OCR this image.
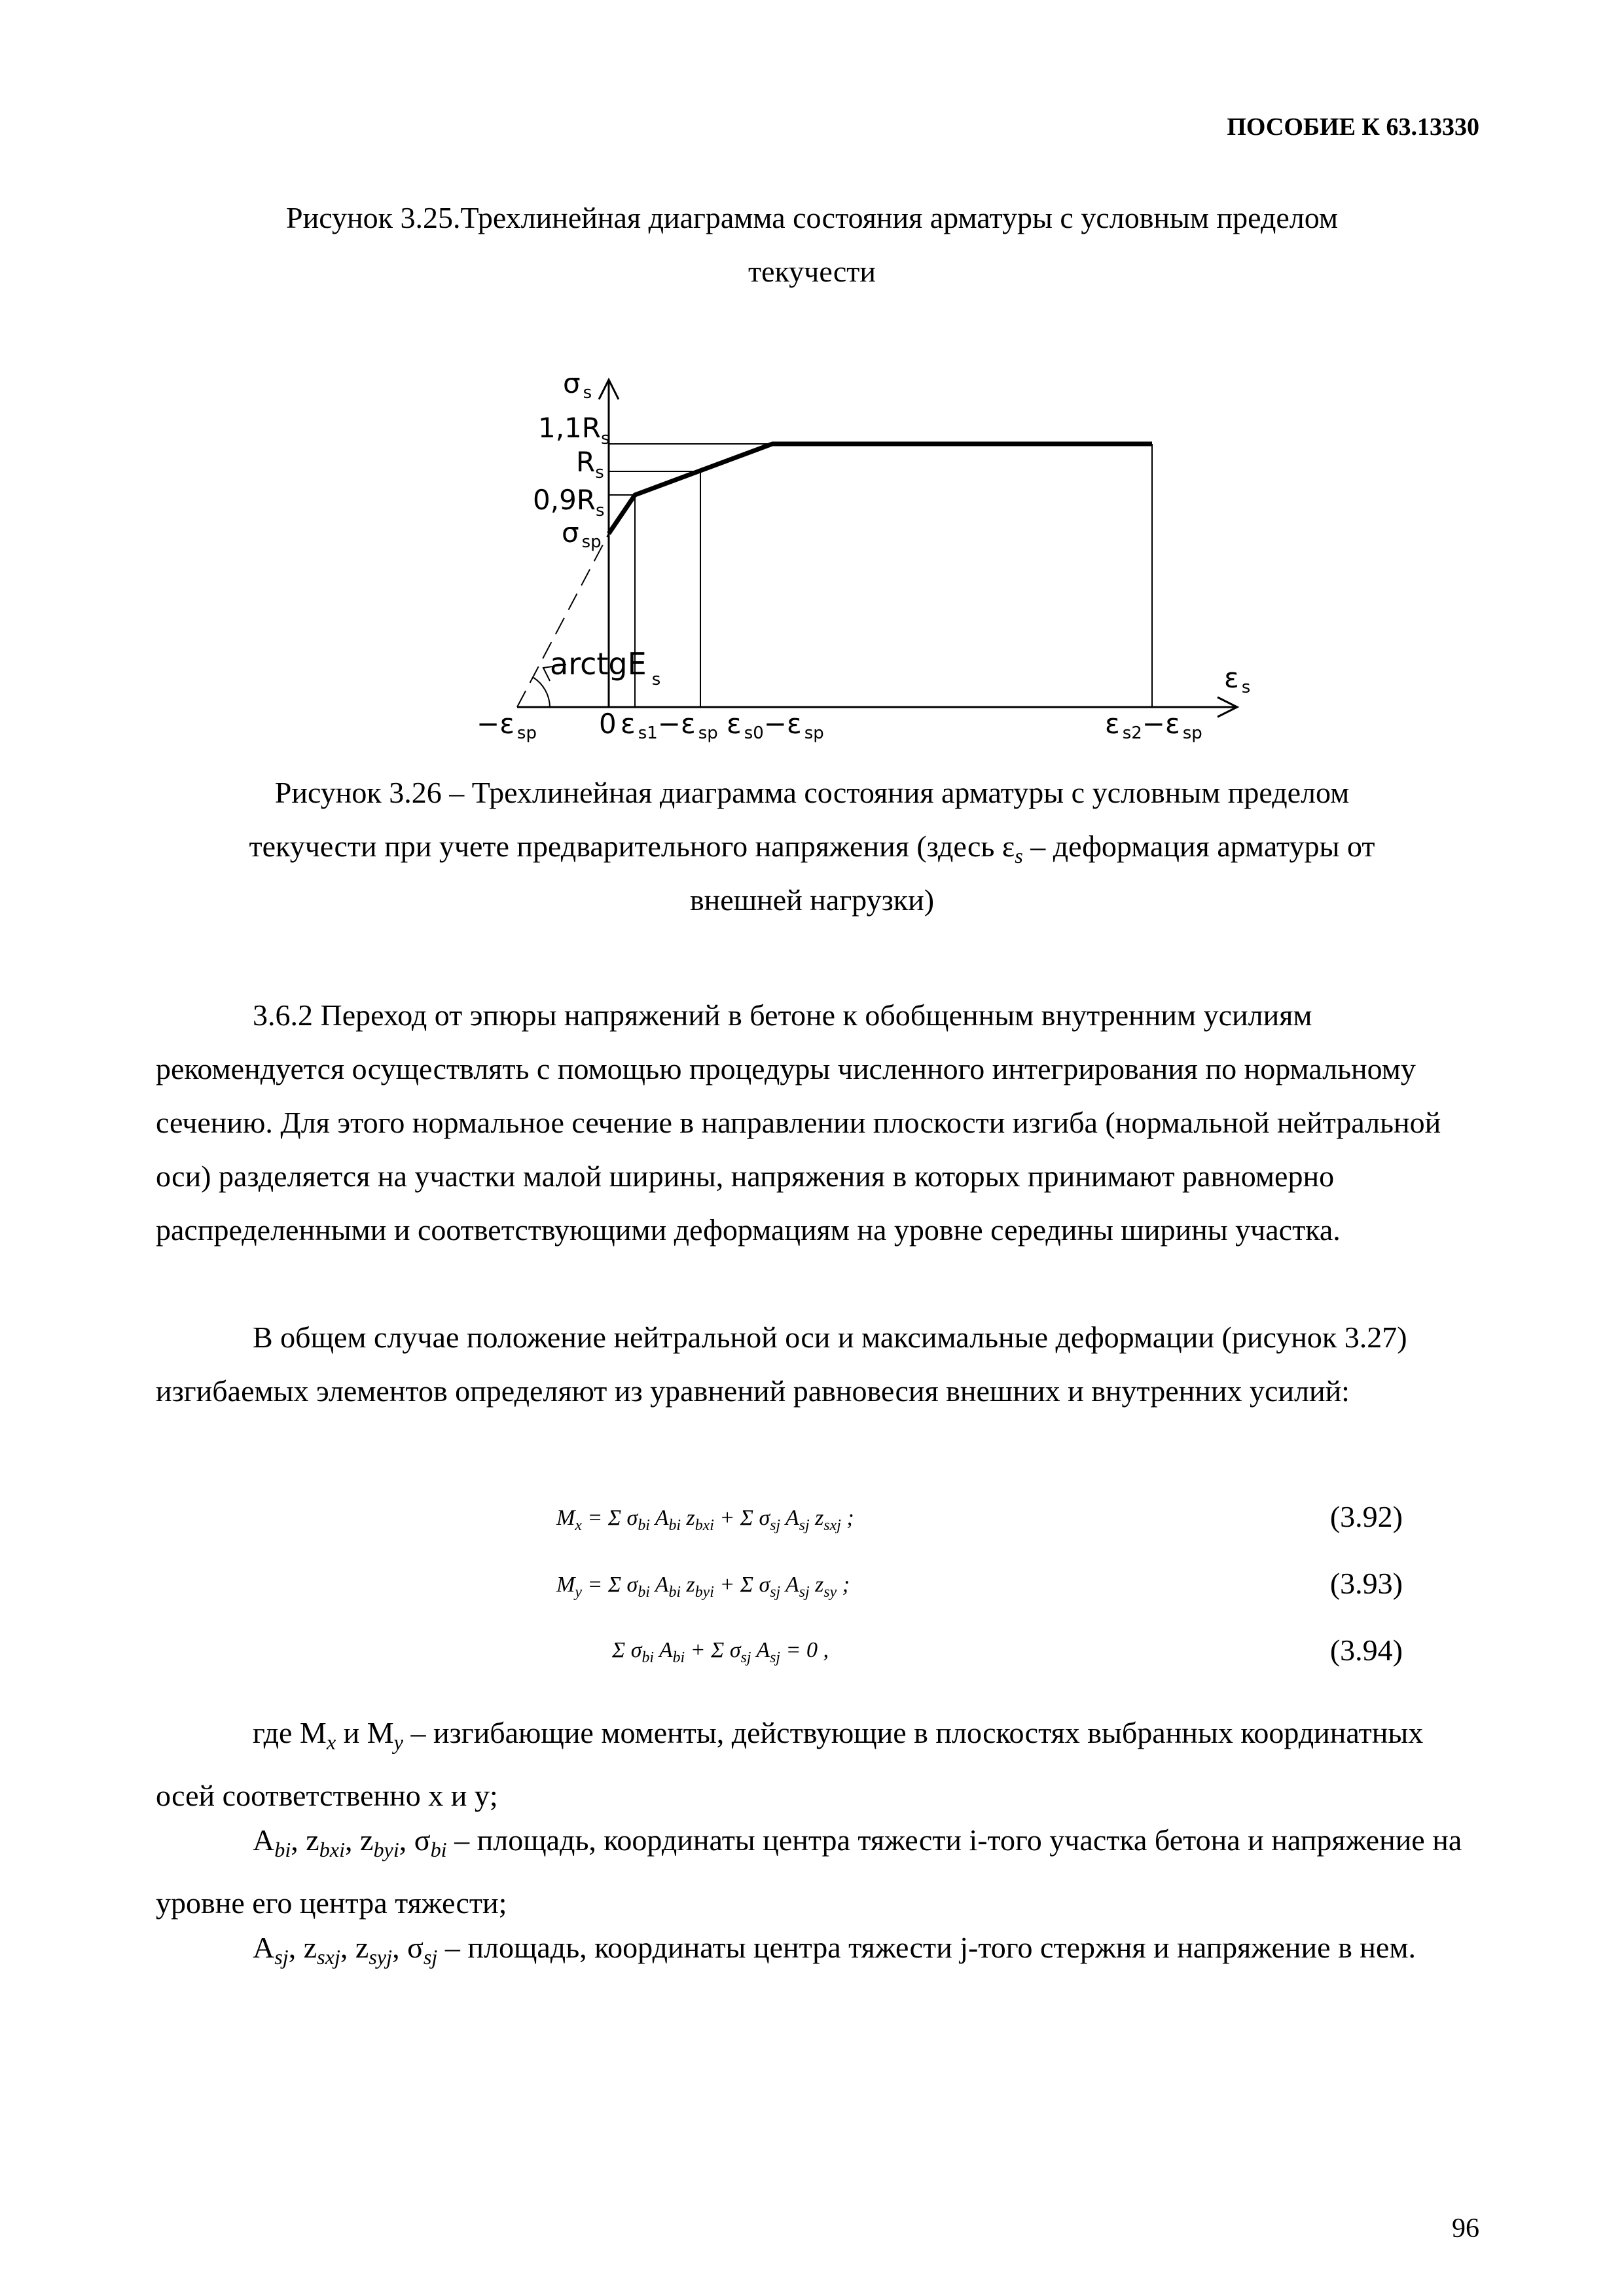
ПОСОБИЕ К 63.13330
Рисунок 3.25.Трехлинейная диаграмма состояния арматуры с условным пределом
текучести
σs
$1,1R_s$
$R_s$
$0,9R_s$
σsp
arctgE $_s$	εs
−ε sp 0 εs1−ε sp εs0−ε sp	εs2−ε sp
Рисунок 3.26 – Трехлинейная диаграмма состояния арматуры с условным пределом
текучести при учете предварительного напряжения (здесь $\varepsilon_s$ – деформация арматуры от
внешней нагрузки)

3.6.2 Переход от эпюры напряжений в бетоне к обобщенным внутренним усилиям рекомендуется осуществлять с помощью процедуры численного интегрирования по нормальному сечению. Для этого нормальное сечение в направлении плоскости изгиба (нормальной нейтральной оси) разделяется на участки малой ширины, напряжения в которых принимают равномерно распределенными и соответствующими деформациям на уровне середины ширины участка.

В общем случае положение нейтральной оси и максимальные деформации (рисунок 3.27) изгибаемых элементов определяют из уравнений равновесия внешних и внутренних усилий:

$M_x = \Sigma$ $\sigma_{bi}$ $A_{bi}$ $z_{bxi} + \Sigma$ $\sigma_{sj}$ $A_{sj}$ $z_{sxj}$ ;	(3.92)
$M_y = \Sigma$ $\sigma_{bi}$ $A_{bi}$ $z_{byi} + \Sigma$ $\sigma_{sj}$ $A_{sj}$ $z_{sy}$ ;	(3.93)
Σ $\sigma_{bi}$ $A_{bi} + \Sigma$ $\sigma_{sj}$ $A_{sj} = 0$ ,	(3.94)

где $M_x$ и $M_y$ – изгибающие моменты, действующие в плоскостях выбранных координатных осей соответственно x и y;

$A_{bi}$, $z_{bxi}$, $z_{byi}$, $\sigma_{bi}$ – площадь, координаты центра тяжести i-того участка бетона и напряжение на уровне его центра тяжести;

$A_{sj}$, $z_{sxj}$, $z_{syj}$, $\sigma_{sj}$ – площадь, координаты центра тяжести j-того стержня и напряжение в нем.

96
